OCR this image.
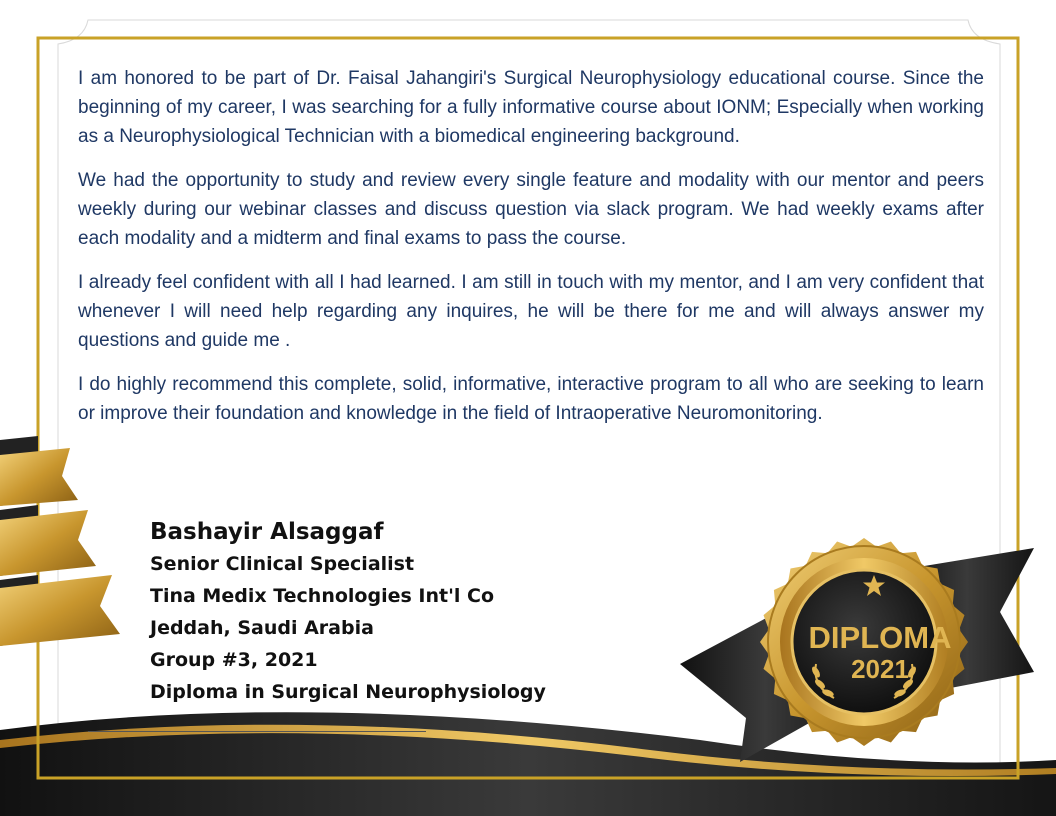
I am honored to be part of Dr. Faisal Jahangiri's Surgical Neurophysiology educational course. Since the beginning of my career, I was searching for a fully informative course about IONM; Especially when working as a Neurophysiological Technician with a biomedical engineering background.

We had the opportunity to study and review every single feature and modality with our mentor and peers weekly during our webinar classes and discuss question via slack program. We had weekly exams after each modality and a midterm and final exams to pass the course.

I already feel confident with all I had learned. I am still in touch with my mentor, and I am very confident that whenever I will need help regarding any inquires, he will be there for me and will always answer my questions and guide me .

I do highly recommend this complete, solid, informative, interactive program to all who are seeking to learn or improve their foundation and knowledge in the field of Intraoperative Neuromonitoring.

Bashayir Alsaggaf
Senior Clinical Specialist
Tina Medix Technologies Int'l Co
Jeddah, Saudi Arabia
Group #3, 2021
Diploma in Surgical Neurophysiology
DIPLOMA
2021
